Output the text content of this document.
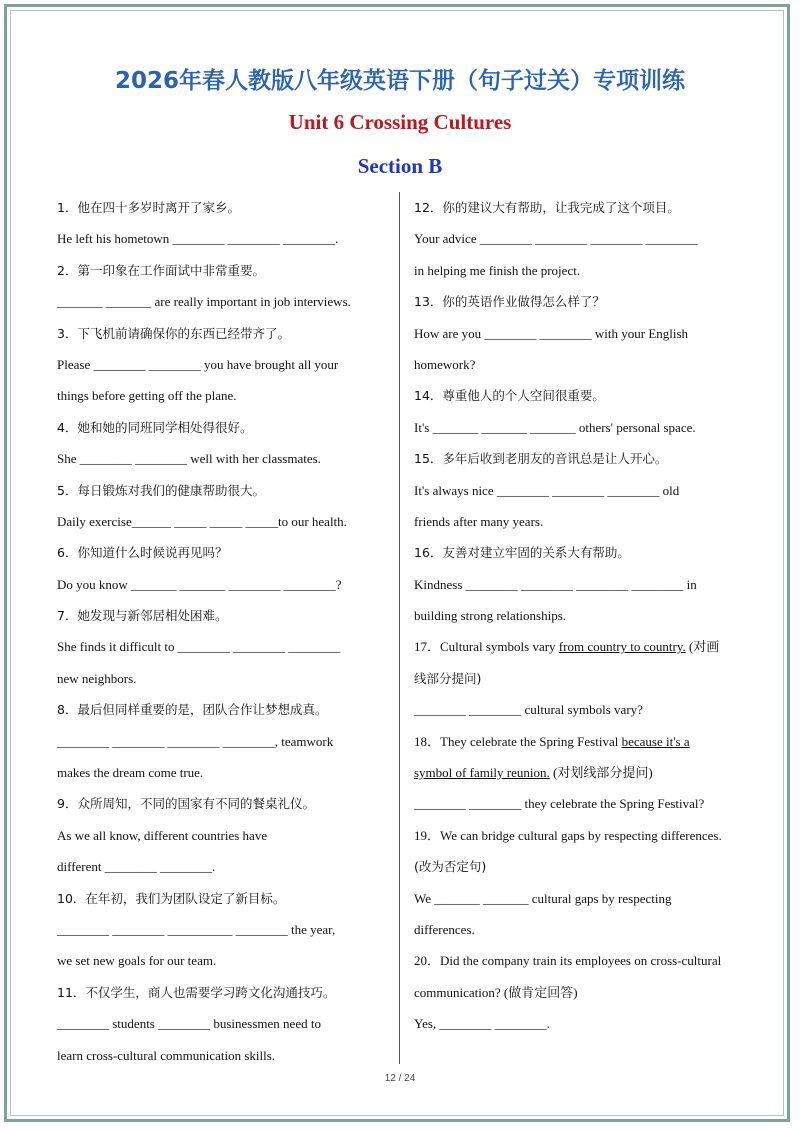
2026年春人教版八年级英语下册（句子过关）专项训练
Unit 6 Crossing Cultures
Section B
1．他在四十多岁时离开了家乡。
He left his hometown ________ ________ ________.
2．第一印象在工作面试中非常重要。
_______ _______ are really important in job interviews.
3．下飞机前请确保你的东西已经带齐了。
Please ________ ________ you have brought all your
things before getting off the plane.
4．她和她的同班同学相处得很好。
She ________ ________ well with her classmates.
5．每日锻炼对我们的健康帮助很大。
Daily exercise______ _____ _____ _____to our health.
6．你知道什么时候说再见吗？
Do you know _______ _______ ________ ________?
7．她发现与新邻居相处困难。
She finds it difficult to ________ ________ ________
new neighbors.
8．最后但同样重要的是，团队合作让梦想成真。
________ ________ ________ ________, teamwork
makes the dream come true.
9．众所周知，不同的国家有不同的餐桌礼仪。
As we all know, different countries have
different ________ ________.
10．在年初，我们为团队设定了新目标。
________ ________ __________ ________ the year,
we set new goals for our team.
11．不仅学生，商人也需要学习跨文化沟通技巧。
________ students ________ businessmen need to
learn cross-cultural communication skills.
12．你的建议大有帮助，让我完成了这个项目。
Your advice ________ ________ ________ ________
in helping me finish the project.
13．你的英语作业做得怎么样了？
How are you ________ ________ with your English
homework?
14．尊重他人的个人空间很重要。
It's _______ _______ _______ others' personal space.
15．多年后收到老朋友的音讯总是让人开心。
It's always nice ________ ________ ________ old
friends after many years.
16．友善对建立牢固的关系大有帮助。
Kindness ________ ________ ________ ________ in
building strong relationships.
17．Cultural symbols vary from country to country. (对画
线部分提问)
________ ________ cultural symbols vary?
18．They celebrate the Spring Festival because it's a
symbol of family reunion. (对划线部分提问)
________ ________ they celebrate the Spring Festival?
19．We can bridge cultural gaps by respecting differences.
(改为否定句)
We _______ _______ cultural gaps by respecting
differences.
20．Did the company train its employees on cross-cultural
communication? (做肯定回答)
Yes, ________ ________.
12 / 24
